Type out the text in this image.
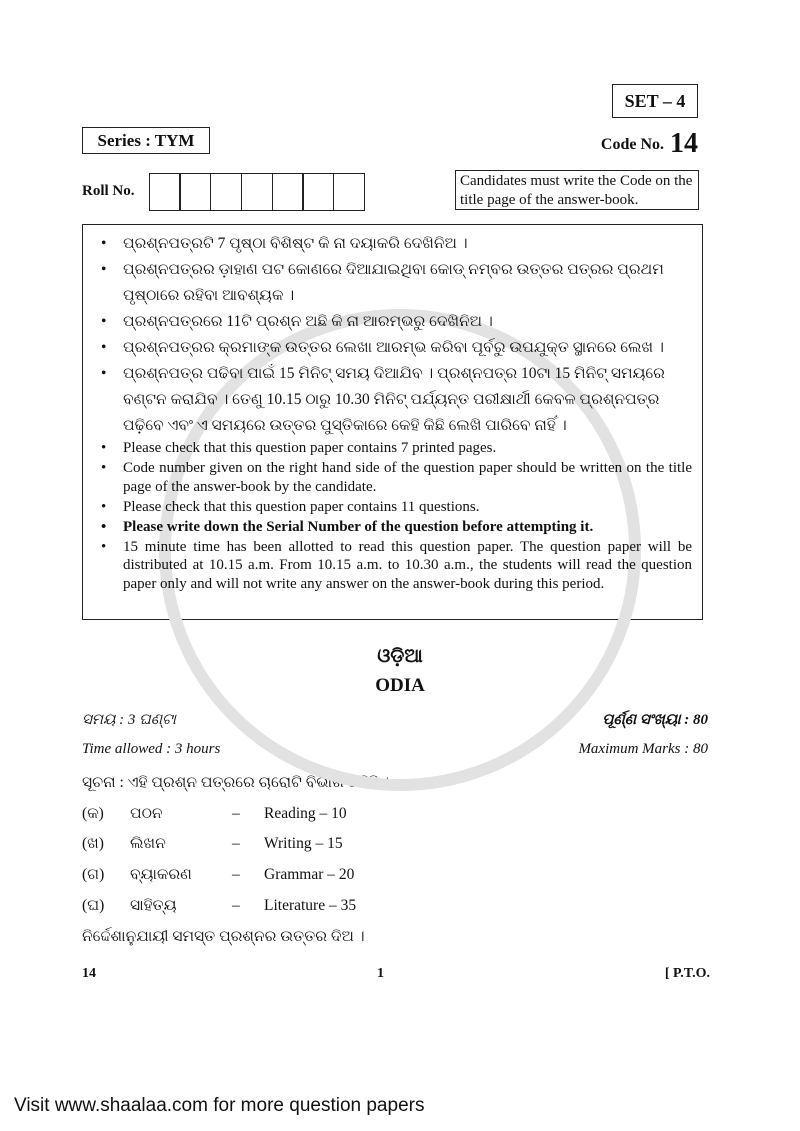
SET – 4
Series : TYM	Code No. 14
Roll No.
Candidates must write the Code on the title page of the answer-book.
• ପ୍ରଶ୍ନପତ୍ରଟି 7 ପୃଷ୍ଠା ବିଶିଷ୍ଟ କି ନା ଦୟାକରି ଦେଖିନିଅ ।
• ପ୍ରଶ୍ନପତ୍ରର ଡ଼ାହାଣ ପଟ କୋଣରେ ଦିଆଯାଇଥିବା କୋଡ୍ ନମ୍ବର ଉତ୍ତର ପତ୍ରର ପ୍ରଥମ ପୃଷ୍ଠାରେ ରହିବା ଆବଶ୍ୟକ ।
• ପ୍ରଶ୍ନପତ୍ରରେ 11ଟି ପ୍ରଶ୍ନ ଅଛି କି ନା ଆରମ୍ଭରୁ ଦେଖିନିଅ ।
• ପ୍ରଶ୍ନପତ୍ରର କ୍ରମାଙ୍କ ଉତ୍ତର ଲେଖା ଆରମ୍ଭ କରିବା ପୂର୍ବରୁ ଉପଯୁକ୍ତ ସ୍ଥାନରେ ଲେଖ ।
• ପ୍ରଶ୍ନପତ୍ର ପଢିବା ପାଇଁ 15 ମିନିଟ୍ ସମୟ ଦିଆଯିବ । ପ୍ରଶ୍ନପତ୍ର 10ଟା 15 ମିନିଟ୍ ସମୟରେ ବଣ୍ଟନ କରାଯିବ । ତେଣୁ 10.15 ଠାରୁ 10.30 ମିନିଟ୍ ପର୍ଯ୍ୟନ୍ତ ପରୀକ୍ଷାର୍ଥୀ କେବଳ ପ୍ରଶ୍ନପତ୍ର ପଢ଼ିବେ ଏବଂ ଏ ସମୟରେ ଉତ୍ତର ପୁସ୍ତିକାରେ କେହି କିଛି ଲେଖି ପାରିବେ ନାହିଁ ।
• Please check that this question paper contains 7 printed pages.
• Code number given on the right hand side of the question paper should be written on the title page of the answer-book by the candidate.
• Please check that this question paper contains 11 questions.
• Please write down the Serial Number of the question before attempting it.
• 15 minute time has been allotted to read this question paper. The question paper will be distributed at 10.15 a.m. From 10.15 a.m. to 10.30 a.m., the students will read the question paper only and will not write any answer on the answer-book during this period.
ଓଡ଼ିଆ
ODIA
ସମୟ : 3 ଘଣ୍ଟା	ପୂର୍ଣ୍ଣ ସଂଖ୍ୟା : 80
Time allowed : 3 hours	Maximum Marks : 80
ସୂଚନା : ଏହି ପ୍ରଶ୍ନ ପତ୍ରରେ ଚାରୋଟି ବିଭାଗ ରହିଛି ।
(କ)	ପଠନ	–	Reading – 10
(ଖ)	ଲିଖନ	–	Writing – 15
(ଗ)	ବ୍ୟାକରଣ	–	Grammar – 20
(ଘ)	ସାହିତ୍ୟ	–	Literature – 35
ନିର୍ଦ୍ଦେଶାନୁଯାୟୀ ସମସ୍ତ ପ୍ରଶ୍ନର ଉତ୍ତର ଦିଅ ।
14	1	[ P.T.O.
Visit www.shaalaa.com for more question papers
